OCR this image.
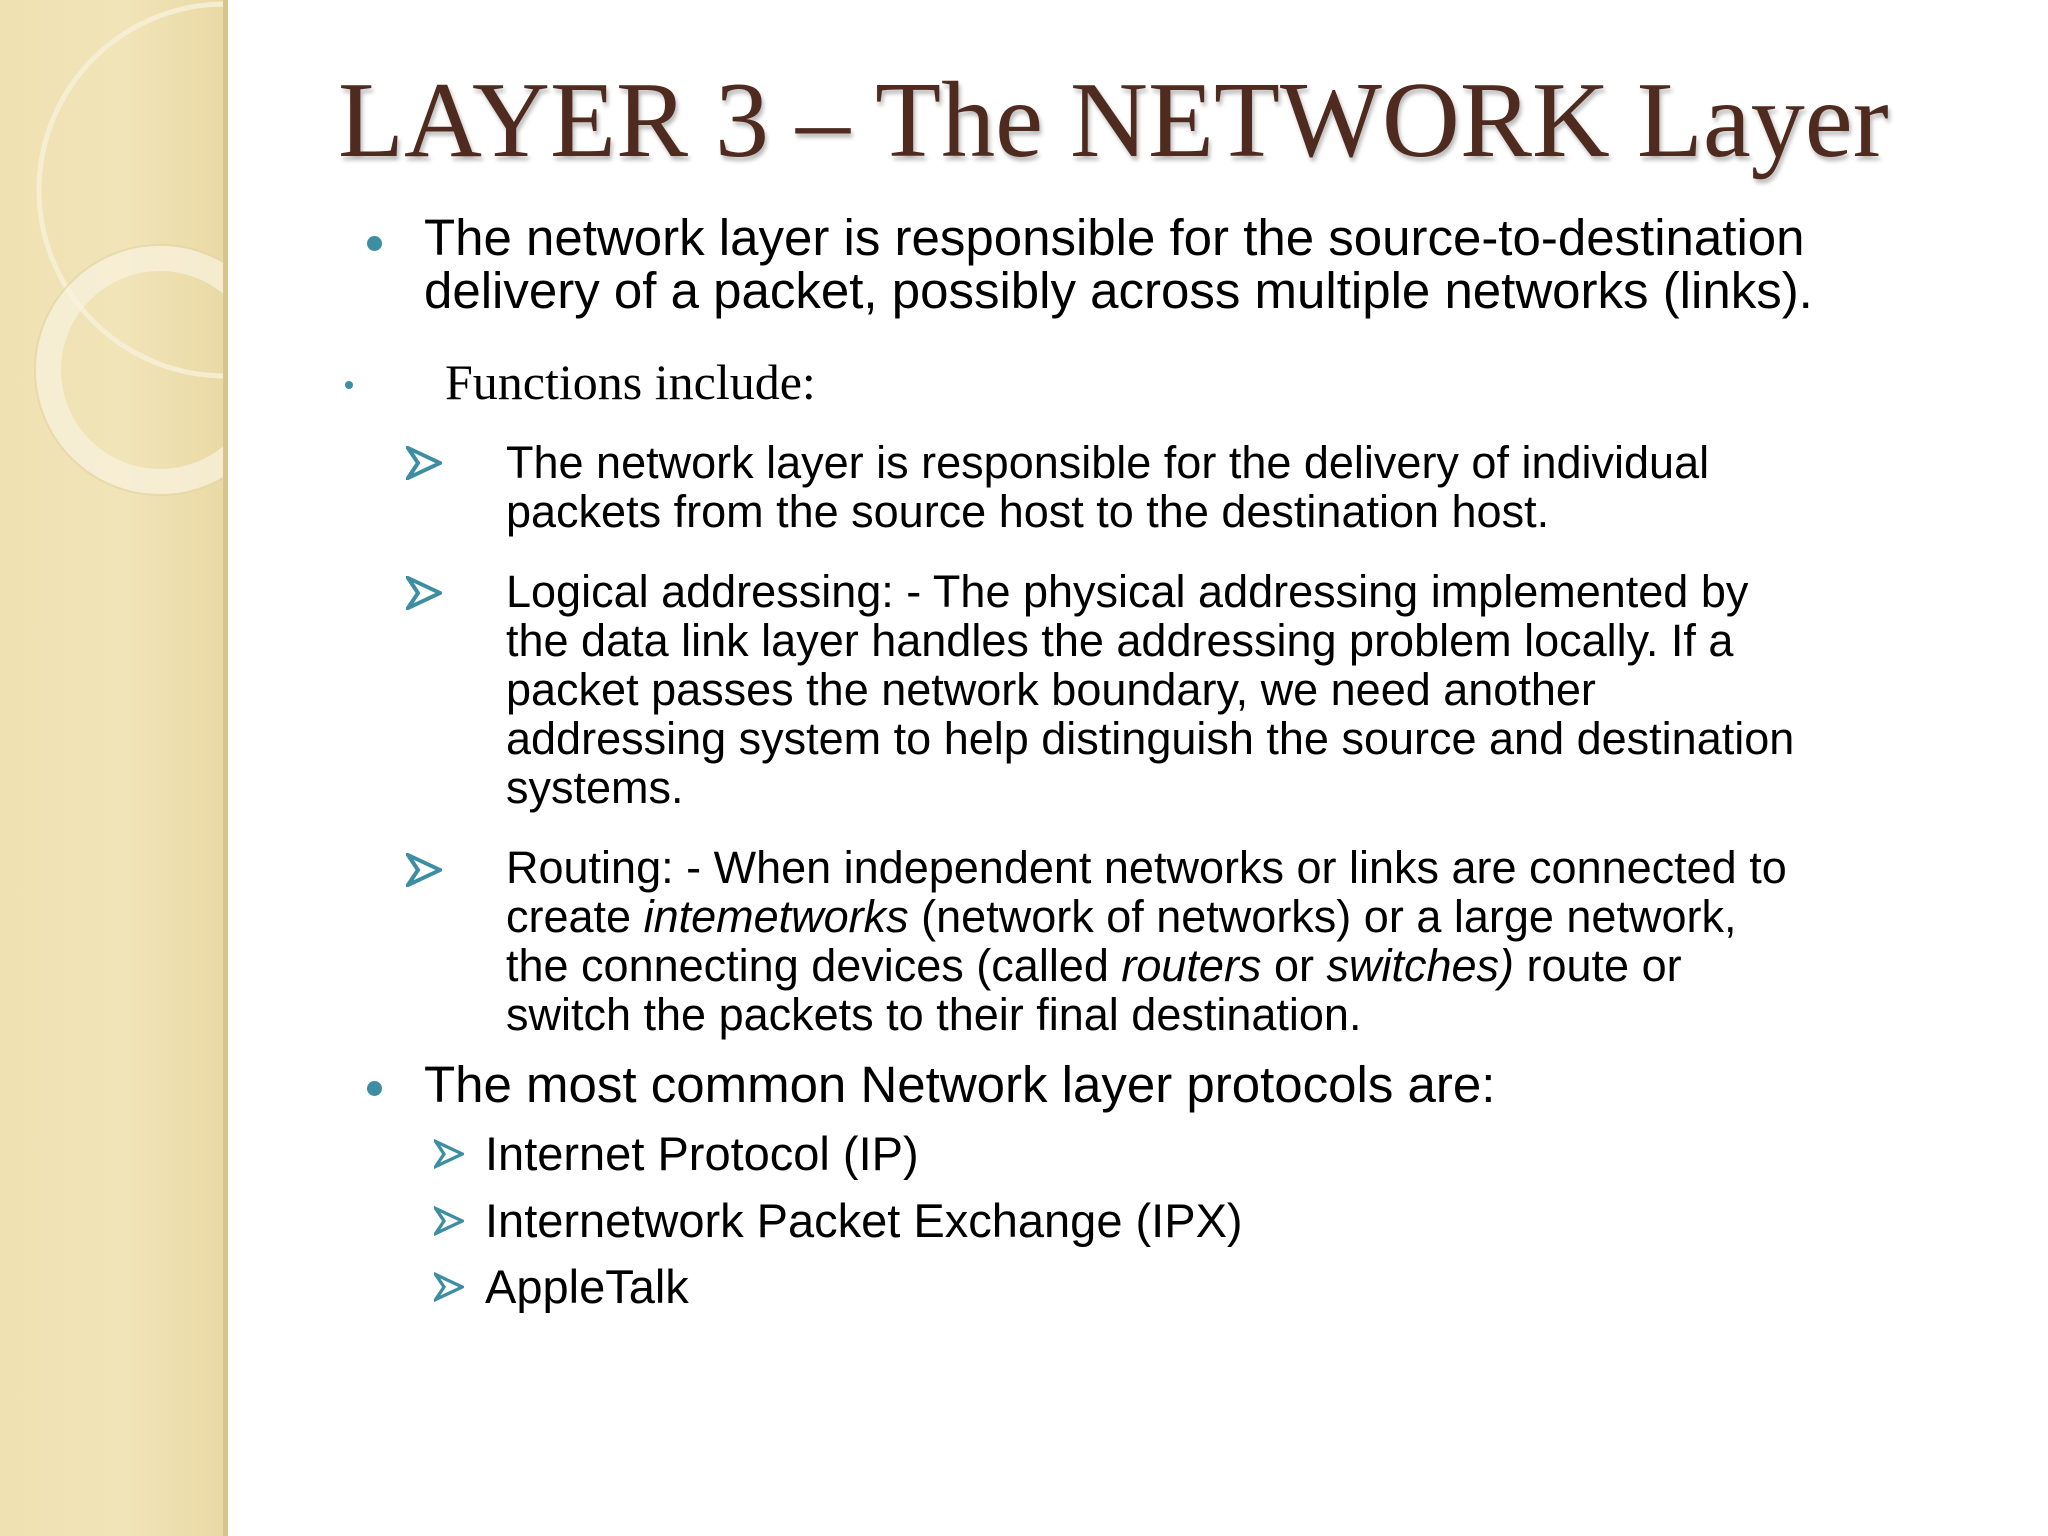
LAYER 3 – The NETWORK Layer

The network layer is responsible for the source-to-destination
delivery of a packet, possibly across multiple networks (links).

Functions include:

The network layer is responsible for the delivery of individual
packets from the source host to the destination host.

Logical addressing: - The physical addressing implemented by
the data link layer handles the addressing problem locally. If a
packet passes the network boundary, we need another
addressing system to help distinguish the source and destination
systems.

Routing: - When independent networks or links are connected to
create intemetworks (network of networks) or a large network,
the connecting devices (called routers or switches) route or
switch the packets to their final destination.

The most common Network layer protocols are:

Internet Protocol (IP)

Internetwork Packet Exchange (IPX)

AppleTalk
